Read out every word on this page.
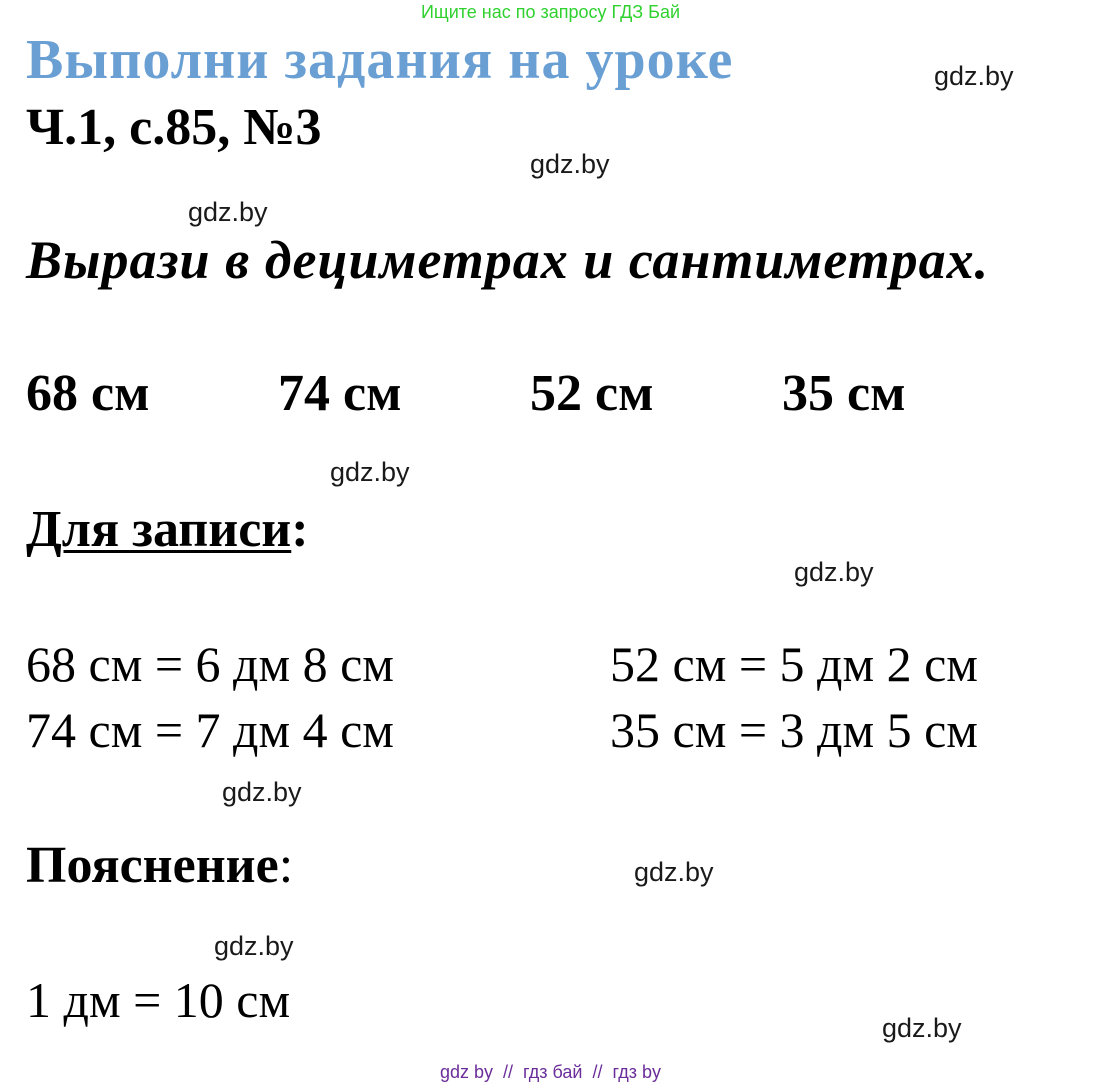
Ищите нас по запросу ГДЗ Бай
Выполни задания на уроке
Ч.1, с.85, №3
Вырази в дециметрах и сантиметрах.
68 см 74 см 52 см 35 см
Для записи:
68 см = 6 дм 8 см	52 см = 5 дм 2 см
74 см = 7 дм 4 см	35 см = 3 дм 5 см
Пояснение:
1 дм = 10 см
gdz.by
gdz.by
gdz.by
gdz.by
gdz.by
gdz.by
gdz.by
gdz.by
gdz.by
gdz by  //  гдз бай  //  гдз by
